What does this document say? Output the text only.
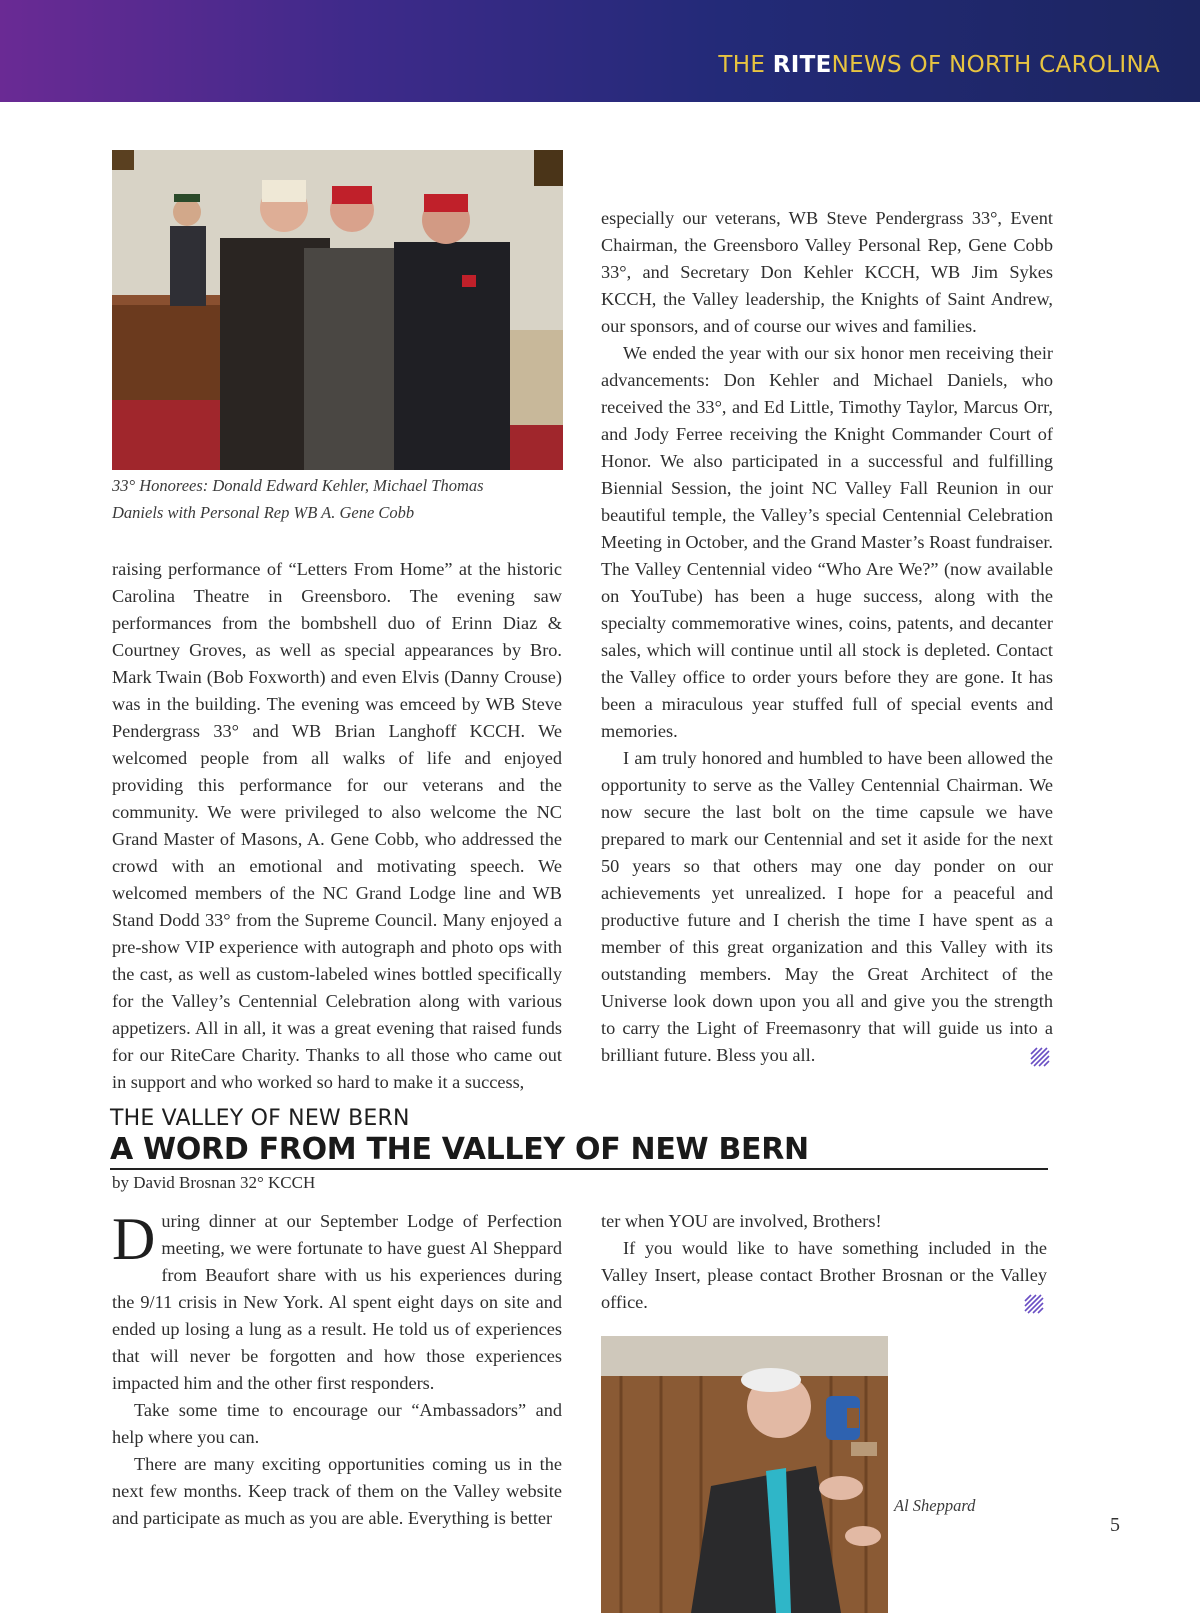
THE RITENEWS OF NORTH CAROLINA
33° Honorees: Donald Edward Kehler, Michael Thomas Daniels with Personal Rep WB A. Gene Cobb

raising performance of “Letters From Home” at the historic Carolina Theatre in Greensboro. The evening saw performances from the bombshell duo of Erinn Diaz & Courtney Groves, as well as special appearances by Bro. Mark Twain (Bob Foxworth) and even Elvis (Danny Crouse) was in the building. The evening was emceed by WB Steve Pendergrass 33° and WB Brian Langhoff KCCH. We welcomed people from all walks of life and enjoyed providing this performance for our veterans and the community. We were privileged to also welcome the NC Grand Master of Masons, A. Gene Cobb, who addressed the crowd with an emotional and motivating speech. We welcomed members of the NC Grand Lodge line and WB Stand Dodd 33° from the Supreme Council. Many enjoyed a pre-show VIP experience with autograph and photo ops with the cast, as well as custom-labeled wines bottled specifically for the Valley’s Centennial Celebration along with various appetizers. All in all, it was a great evening that raised funds for our RiteCare Charity. Thanks to all those who came out in support and who worked so hard to make it a success,

especially our veterans, WB Steve Pendergrass 33°, Event Chairman, the Greensboro Valley Personal Rep, Gene Cobb 33°, and Secretary Don Kehler KCCH, WB Jim Sykes KCCH, the Valley leadership, the Knights of Saint Andrew, our sponsors, and of course our wives and families.

We ended the year with our six honor men receiving their advancements: Don Kehler and Michael Daniels, who received the 33°, and Ed Little, Timothy Taylor, Marcus Orr, and Jody Ferree receiving the Knight Commander Court of Honor. We also participated in a successful and fulfilling Biennial Session, the joint NC Valley Fall Reunion in our beautiful temple, the Valley’s special Centennial Celebration Meeting in October, and the Grand Master’s Roast fundraiser. The Valley Centennial video “Who Are We?” (now available on YouTube) has been a huge success, along with the specialty commemorative wines, coins, patents, and decanter sales, which will continue until all stock is depleted. Contact the Valley office to order yours before they are gone. It has been a miraculous year stuffed full of special events and memories.

I am truly honored and humbled to have been allowed the opportunity to serve as the Valley Centennial Chairman. We now secure the last bolt on the time capsule we have prepared to mark our Centennial and set it aside for the next 50 years so that others may one day ponder on our achievements yet unrealized. I hope for a peaceful and productive future and I cherish the time I have spent as a member of this great organization and this Valley with its outstanding members. May the Great Architect of the Universe look down upon you all and give you the strength to carry the Light of Freemasonry that will guide us into a brilliant future. Bless you all.

THE VALLEY OF NEW BERN
A WORD FROM THE VALLEY OF NEW BERN
by David Brosnan 32° KCCH

During dinner at our September Lodge of Perfection meeting, we were fortunate to have guest Al Sheppard from Beaufort share with us his experiences during the 9/11 crisis in New York. Al spent eight days on site and ended up losing a lung as a result. He told us of experiences that will never be forgotten and how those experiences impacted him and the other first responders.

Take some time to encourage our “Ambassadors” and help where you can.

There are many exciting opportunities coming us in the next few months. Keep track of them on the Valley website and participate as much as you are able. Everything is better

ter when YOU are involved, Brothers!

If you would like to have something included in the Valley Insert, please contact Brother Brosnan or the Valley office.

Al Sheppard
5
